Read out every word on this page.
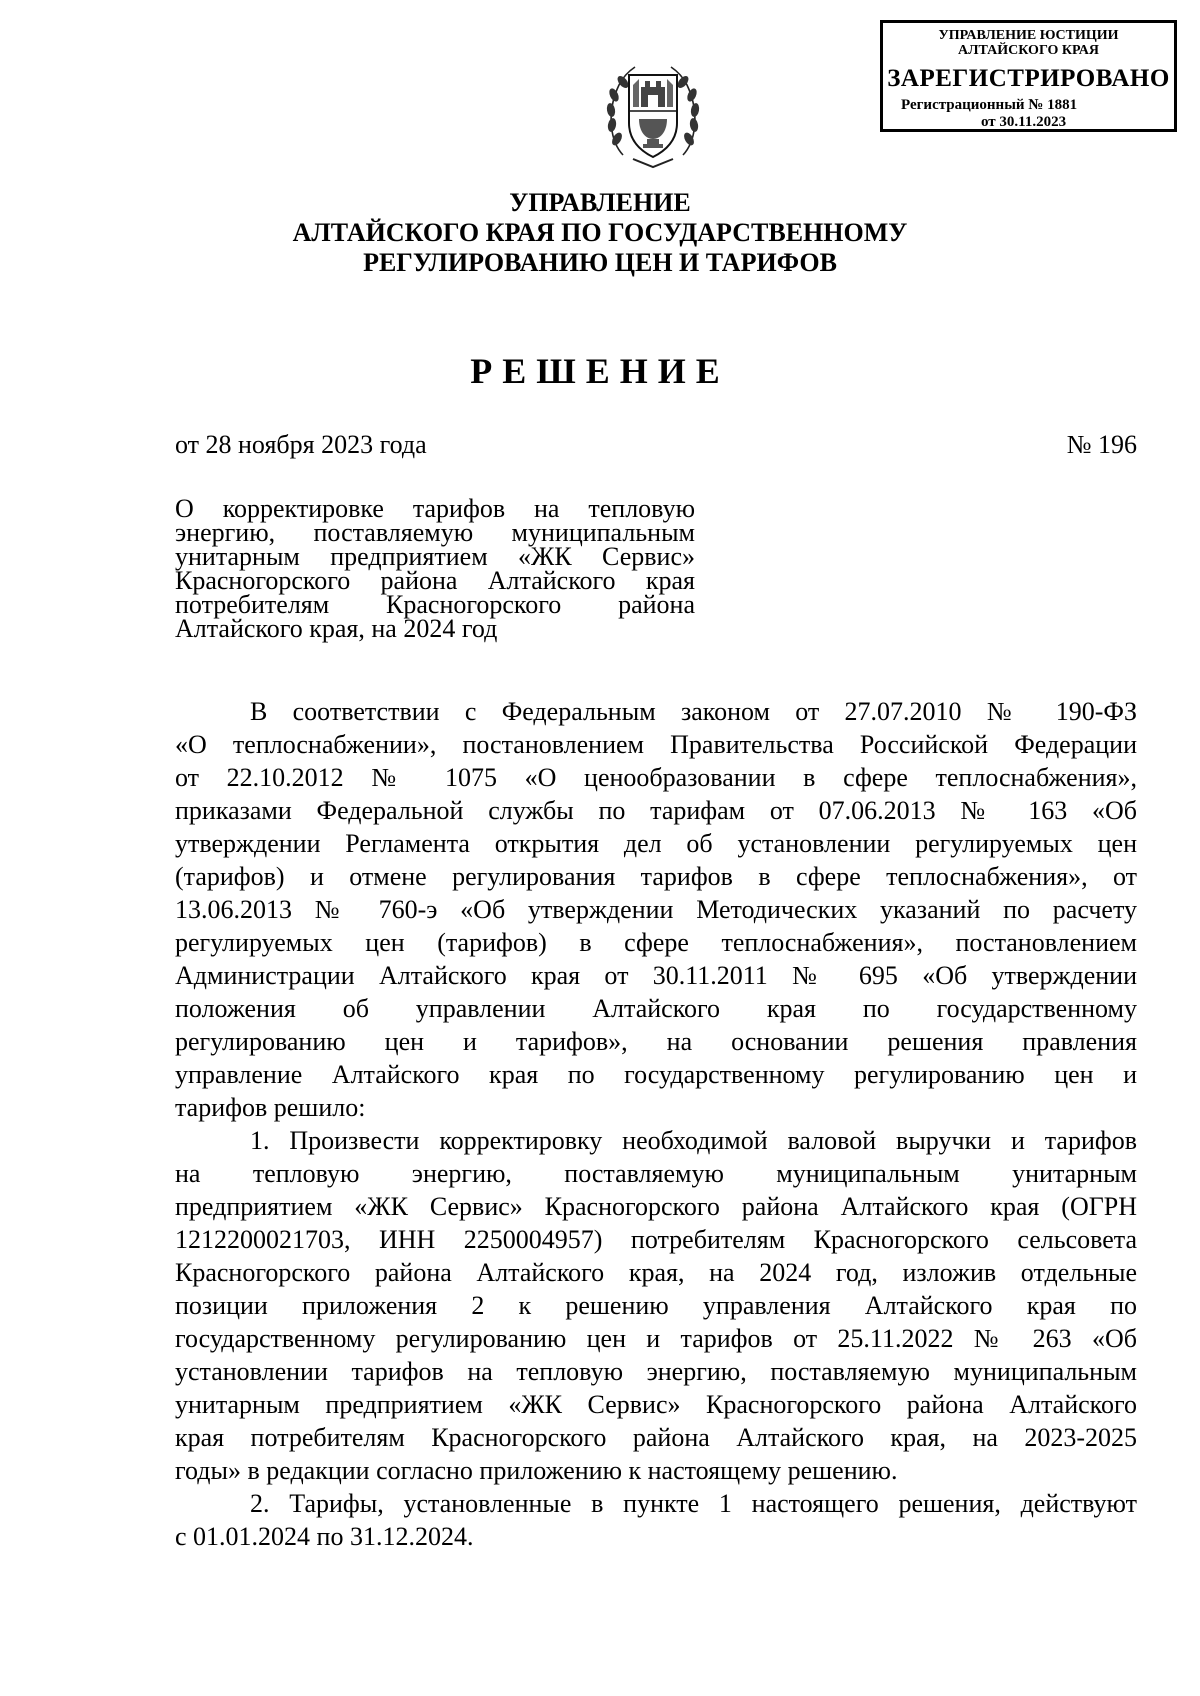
УПРАВЛЕНИЕ ЮСТИЦИИ
АЛТАЙСКОГО КРАЯ
ЗАРЕГИСТРИРОВАНО
Регистрационный № 1881
от 30.11.2023
УПРАВЛЕНИЕ
АЛТАЙСКОГО КРАЯ ПО ГОСУДАРСТВЕННОМУ
РЕГУЛИРОВАНИЮ ЦЕН И ТАРИФОВ
РЕШЕНИЕ
от 28 ноября 2023 года	№ 196
О корректировке тарифов на тепловую
энергию, поставляемую муниципальным
унитарным предприятием «ЖК Сервис»
Красногорского района Алтайского края
потребителям Красногорского района
Алтайского края, на 2024 год

В соответствии с Федеральным законом от 27.07.2010 № 190-ФЗ
«О теплоснабжении», постановлением Правительства Российской Федерации
от 22.10.2012 № 1075 «О ценообразовании в сфере теплоснабжения»,
приказами Федеральной службы по тарифам от 07.06.2013 № 163 «Об
утверждении Регламента открытия дел об установлении регулируемых цен
(тарифов) и отмене регулирования тарифов в сфере теплоснабжения», от
13.06.2013 № 760-э «Об утверждении Методических указаний по расчету
регулируемых цен (тарифов) в сфере теплоснабжения», постановлением
Администрации Алтайского края от 30.11.2011 № 695 «Об утверждении
положения об управлении Алтайского края по государственному
регулированию цен и тарифов», на основании решения правления
управление Алтайского края по государственному регулированию цен и
тарифов решило:

1. Произвести корректировку необходимой валовой выручки и тарифов
на тепловую энергию, поставляемую муниципальным унитарным
предприятием «ЖК Сервис» Красногорского района Алтайского края (ОГРН
1212200021703, ИНН 2250004957) потребителям Красногорского сельсовета
Красногорского района Алтайского края, на 2024 год, изложив отдельные
позиции приложения 2 к решению управления Алтайского края по
государственному регулированию цен и тарифов от 25.11.2022 № 263 «Об
установлении тарифов на тепловую энергию, поставляемую муниципальным
унитарным предприятием «ЖК Сервис» Красногорского района Алтайского
края потребителям Красногорского района Алтайского края, на 2023-2025
годы» в редакции согласно приложению к настоящему решению.

2. Тарифы, установленные в пункте 1 настоящего решения, действуют
с 01.01.2024 по 31.12.2024.
